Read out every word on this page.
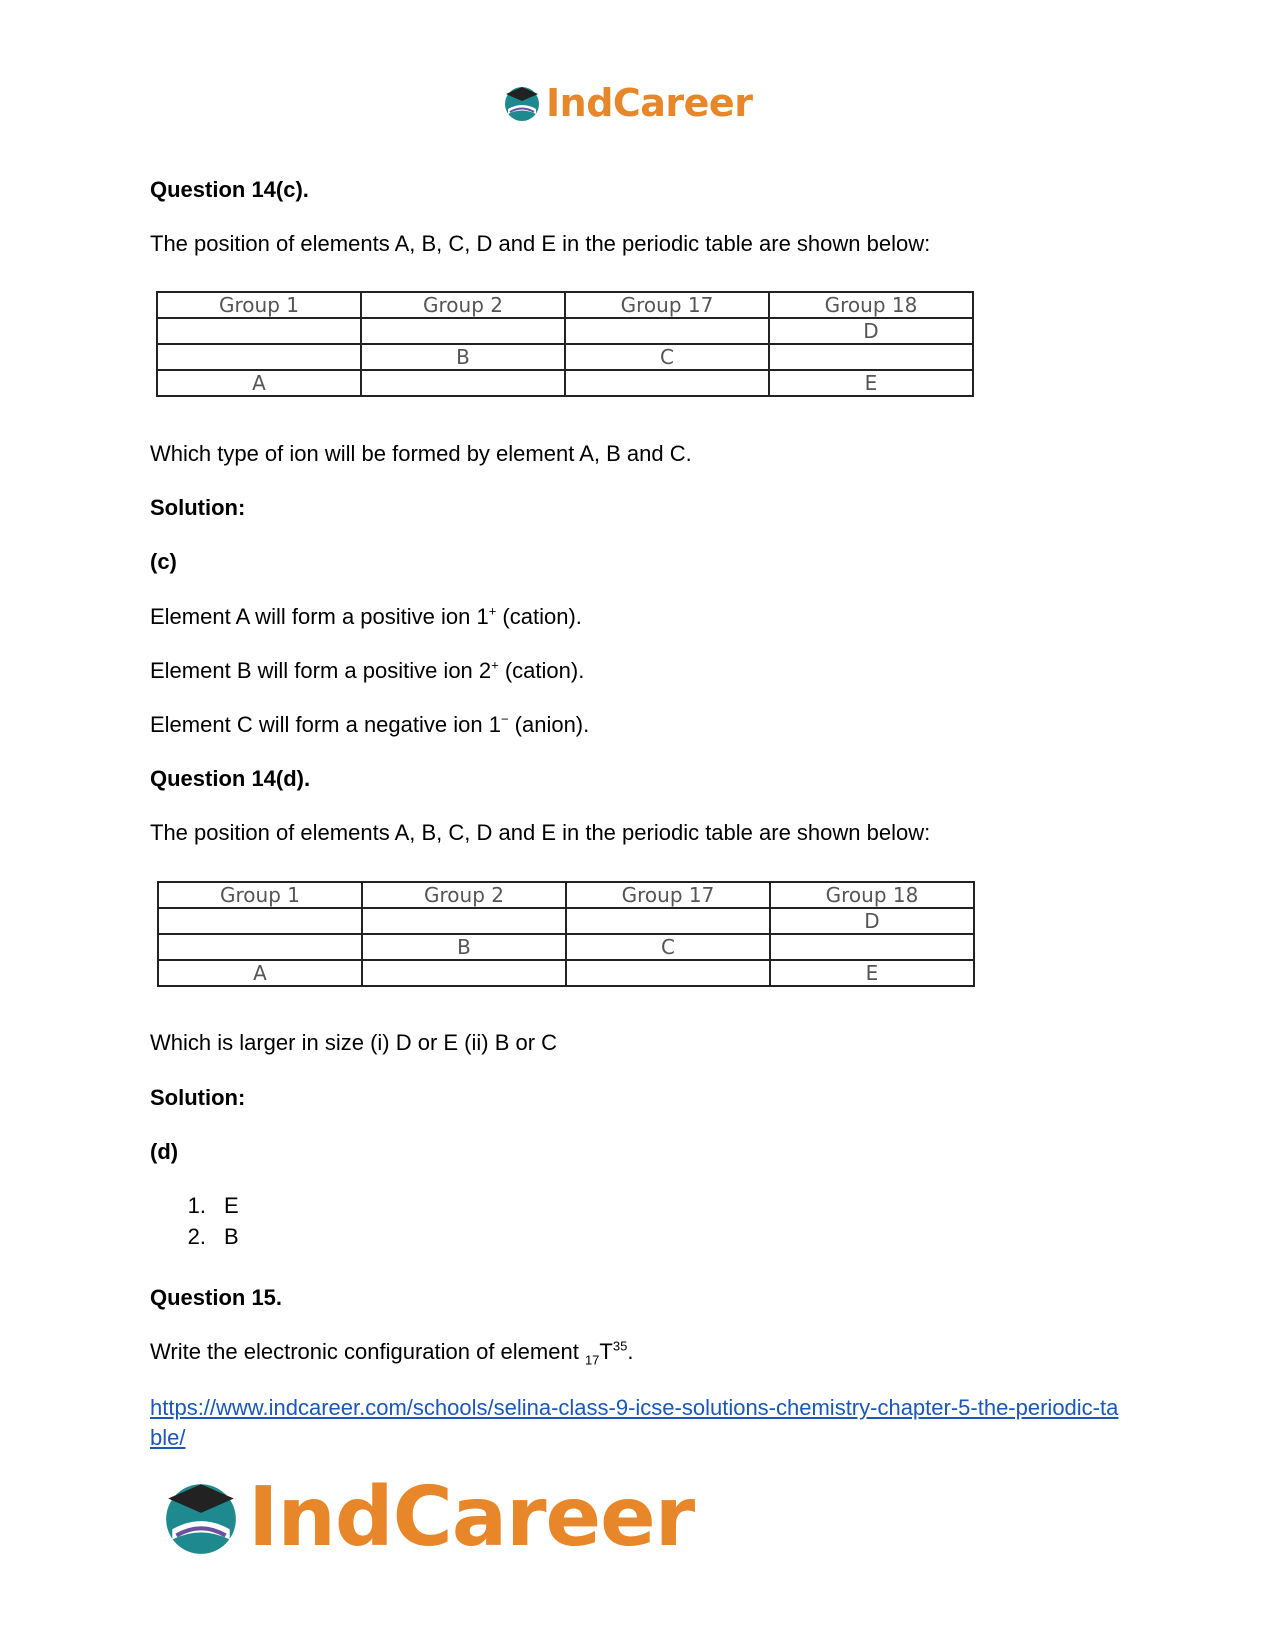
IndCareer
Question 14(c).
The position of elements A, B, C, D and E in the periodic table are shown below:
Group 1	Group 2	Group 17	Group 18
			D
	B	C	
A			E
Which type of ion will be formed by element A, B and C.
Solution:
(c)
Element A will form a positive ion 1+ (cation).
Element B will form a positive ion 2+ (cation).
Element C will form a negative ion 1− (anion).
Question 14(d).
The position of elements A, B, C, D and E in the periodic table are shown below:
Group 1	Group 2	Group 17	Group 18
			D
	B	C	
A			E
Which is larger in size (i) D or E (ii) B or C
Solution:
(d)
1. E
2. B
Question 15.
Write the electronic configuration of element $_{17}T^{35}$.
https://www.indcareer.com/schools/selina-class-9-icse-solutions-chemistry-chapter-5-the-periodic-table/
IndCareer
